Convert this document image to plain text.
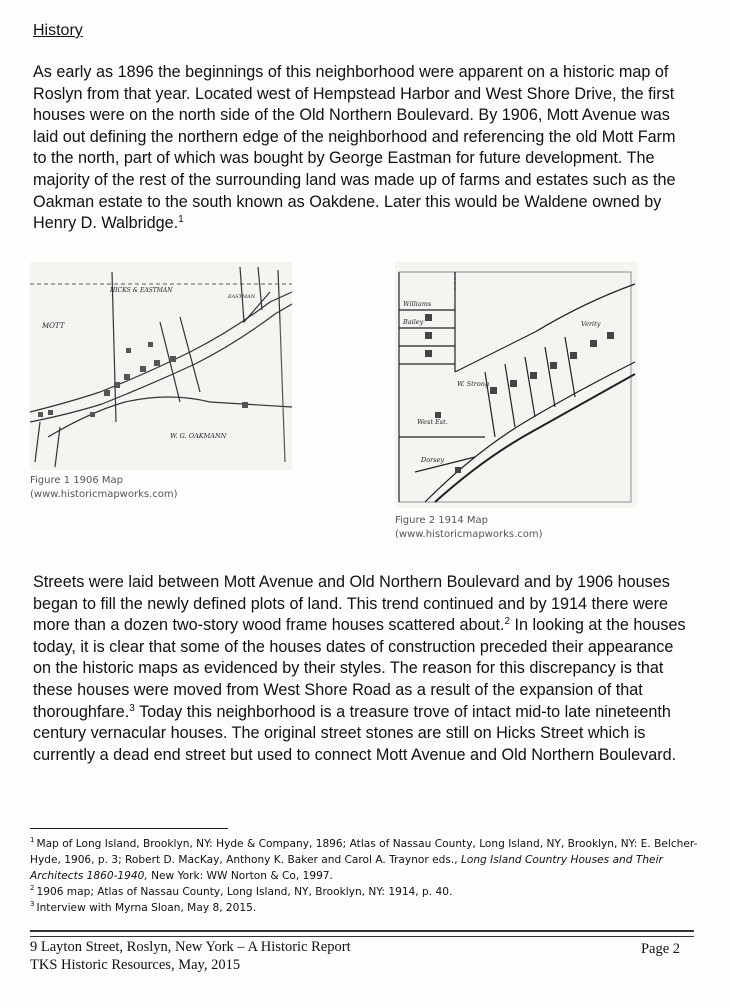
History

As early as 1896 the beginnings of this neighborhood were apparent on a historic map of Roslyn from that year. Located west of Hempstead Harbor and West Shore Drive, the first houses were on the north side of the Old Northern Boulevard. By 1906, Mott Avenue was laid out defining the northern edge of the neighborhood and referencing the old Mott Farm to the north, part of which was bought by George Eastman for future development. The majority of the rest of the surrounding land was made up of farms and estates such as the Oakman estate to the south known as Oakdene. Later this would be Waldene owned by Henry D. Walbridge.$^1$

MOTT
HICKS & EASTMAN
EASTMAN
W. G. OAKMANN
Figure 1 1906 Map
(www.historicmapworks.com)
Williams
Bailey
W. Strong
West Est.
Dorsey
Verity
Figure 2 1914 Map
(www.historicmapworks.com)

Streets were laid between Mott Avenue and Old Northern Boulevard and by 1906 houses began to fill the newly defined plots of land. This trend continued and by 1914 there were more than a dozen two-story wood frame houses scattered about.$^2$ In looking at the houses today, it is clear that some of the houses dates of construction preceded their appearance on the historic maps as evidenced by their styles. The reason for this discrepancy is that these houses were moved from West Shore Road as a result of the expansion of that thoroughfare.$^3$ Today this neighborhood is a treasure trove of intact mid-to late nineteenth century vernacular houses. The original street stones are still on Hicks Street which is currently a dead end street but used to connect Mott Avenue and Old Northern Boulevard.

$^1$ Map of Long Island, Brooklyn, NY: Hyde & Company, 1896; Atlas of Nassau County, Long Island, NY, Brooklyn, NY: E. Belcher-Hyde, 1906, p. 3; Robert D. MacKay, Anthony K. Baker and Carol A. Traynor eds., Long Island Country Houses and Their Architects 1860-1940, New York: WW Norton & Co, 1997.

$^2$ 1906 map; Atlas of Nassau County, Long Island, NY, Brooklyn, NY: 1914, p. 40.

$^3$ Interview with Myrna Sloan, May 8, 2015.

9 Layton Street, Roslyn, New York – A Historic Report
TKS Historic Resources, May, 2015
Page 2
